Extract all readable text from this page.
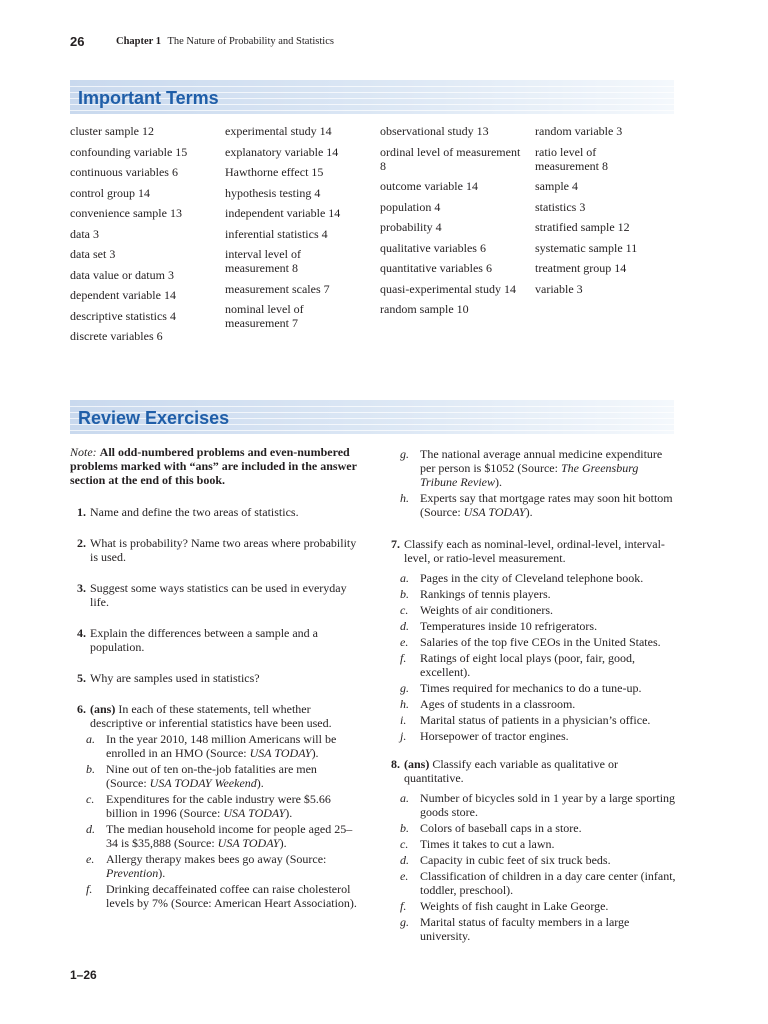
26	Chapter 1 The Nature of Probability and Statistics
Important Terms
cluster sample 12
confounding variable 15
continuous variables 6
control group 14
convenience sample 13
data 3
data set 3
data value or datum 3
dependent variable 14
descriptive statistics 4
discrete variables 6
experimental study 14
explanatory variable 14
Hawthorne effect 15
hypothesis testing 4
independent variable 14
inferential statistics 4
interval level of measurement 8
measurement scales 7
nominal level of measurement 7
observational study 13
ordinal level of measurement 8
outcome variable 14
population 4
probability 4
qualitative variables 6
quantitative variables 6
quasi-experimental study 14
random sample 10
random variable 3
ratio level of measurement 8
sample 4
statistics 3
stratified sample 12
systematic sample 11
treatment group 14
variable 3
Review Exercises
Note: All odd-numbered problems and even-numbered problems marked with “ans” are included in the answer section at the end of this book.
1. Name and define the two areas of statistics.
2. What is probability? Name two areas where probability is used.
3. Suggest some ways statistics can be used in everyday life.
4. Explain the differences between a sample and a population.
5. Why are samples used in statistics?
6. (ans) In each of these statements, tell whether descriptive or inferential statistics have been used.
a. In the year 2010, 148 million Americans will be enrolled in an HMO (Source: USA TODAY).
b. Nine out of ten on-the-job fatalities are men (Source: USA TODAY Weekend).
c. Expenditures for the cable industry were $5.66 billion in 1996 (Source: USA TODAY).
d. The median household income for people aged 25–34 is $35,888 (Source: USA TODAY).
e. Allergy therapy makes bees go away (Source: Prevention).
f. Drinking decaffeinated coffee can raise cholesterol levels by 7% (Source: American Heart Association).
g. The national average annual medicine expenditure per person is $1052 (Source: The Greensburg Tribune Review).
h. Experts say that mortgage rates may soon hit bottom (Source: USA TODAY).
7. Classify each as nominal-level, ordinal-level, interval-level, or ratio-level measurement.
a. Pages in the city of Cleveland telephone book.
b. Rankings of tennis players.
c. Weights of air conditioners.
d. Temperatures inside 10 refrigerators.
e. Salaries of the top five CEOs in the United States.
f. Ratings of eight local plays (poor, fair, good, excellent).
g. Times required for mechanics to do a tune-up.
h. Ages of students in a classroom.
i. Marital status of patients in a physician’s office.
j. Horsepower of tractor engines.
8. (ans) Classify each variable as qualitative or quantitative.
a. Number of bicycles sold in 1 year by a large sporting goods store.
b. Colors of baseball caps in a store.
c. Times it takes to cut a lawn.
d. Capacity in cubic feet of six truck beds.
e. Classification of children in a day care center (infant, toddler, preschool).
f. Weights of fish caught in Lake George.
g. Marital status of faculty members in a large university.
1–26
